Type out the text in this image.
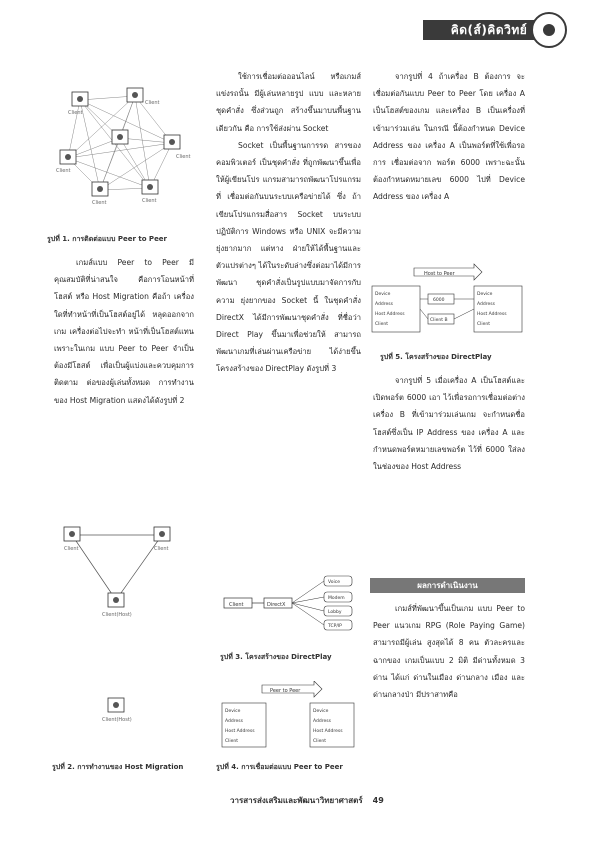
คิด(ส์)คิดวิทย์
Client
Client
Client
Client
Client	Client
รูปที่ 1. การติดต่อแบบ Peer to Peer

เกมส์แบบ Peer to Peer มี คุณสมบัติที่น่าสนใจ คือการโอนหน้าที่ โฮสต์ หรือ Host Migration คือถ้า เครื่องใดที่ทำหน้าที่เป็นโฮสต์อยู่ได้ หลุดออกจากเกม เครื่องต่อไปจะทำ หน้าที่เป็นโฮสต์แทน เพราะในเกม แบบ Peer to Peer จำเป็นต้องมีโฮสต์ เพื่อเป็นผู้แบ่งและควบคุมการติดตาม ต่อของผู้เล่นทั้งหมด การทำงานของ Host Migration แสดงได้ดังรูปที่ 2

Client	Client
Client(Host)
Client(Host)
รูปที่ 2. การทำงานของ Host Migration

ใช้การเชื่อมต่อออนไลน์ หรือเกมส์แข่งรถนั้น มีผู้เล่นหลายรูป แบบ และหลายชุดคำสั่ง ซึ่งส่วนถูก สร้างขึ้นมาบนพื้นฐานเดียวกัน คือ การใช้ส่งผ่าน Socket

Socket เป็นพื้นฐานการรด สารของคอมพิวเตอร์ เป็นชุดคำสั่ง ที่ถูกพัฒนาขึ้นเพื่อให้ผู้เขียนโปร แกรมสามารถพัฒนาโปรแกรมที่ เชื่อมต่อกันบนระบบเครือข่ายได้ ซึ่ง ถ้าเขียนโปรแกรมสื่อสาร Socket บนระบบปฏิบัติการ Windows หรือ UNIX จะมีความยุ่งยากมาก แต่ทาง ฝ่ายให้ได้พื้นฐานและตัวแปรต่างๆ ได้ในระดับล่างซึ่งต่อมาได้มีการพัฒนา ชุดคำสั่งเป็นรูปแบบมาจัดการกับความ ยุ่งยากของ Socket นี้ ในชุดคำสั่ง DirectX ได้มีการพัฒนาชุดคำสั่ง ที่ชื่อว่า Direct Play ขึ้นมาเพื่อช่วยให้ สามารถพัฒนาเกมที่เล่นผ่านเครือข่าย ได้ง่ายขึ้น โครงสร้างของ DirectPlay ดังรูปที่ 3

Client	DirectX
Voice
Modem
Lobby
TCP/IP
รูปที่ 3. โครงสร้างของ DirectPlay
Peer to Peer
Device
Address
Host Address
Client
Device
Address
Host Address
Client
รูปที่ 4. การเชื่อมต่อแบบ Peer to Peer

จากรูปที่ 4 ถ้าเครื่อง B ต้องการ จะเชื่อมต่อกันแบบ Peer to Peer โดย เครื่อง A เป็นโฮสต์ของเกม และเครื่อง B เป็นเครื่องที่เข้ามาร่วมเล่น ในกรณี นี้ต้องกำหนด Device Address ของ เครื่อง A เป็นพอร์ตที่ใช้เพื่อรอการ เชื่อมต่อจาก พอร์ต 6000 เพราะฉะนั้น ต้องกำหนดหมายเลข 6000 ไปที่ Device Address ของ เครื่อง A

Host to Peer
6000
Client B
Device
Address
Host Address
Client
Device
Address
Host Address
Client
รูปที่ 5. โครงสร้างของ DirectPlay

จากรูปที่ 5 เมื่อเครื่อง A เป็นโฮสต์และเปิดพอร์ต 6000 เอา ไว้เพื่อรอการเชื่อมต่อต่างเครื่อง B ที่เข้ามาร่วมเล่นเกม จะกำหนดชื่อ โฮสต์ซึ่งเป็น IP Address ของ เครื่อง A และกำหนดพอร์ตหมายเลขพอร์ต ไว้ที่ 6000 ใส่ลงในช่องของ Host Address

ผลการดำเนินงาน

เกมส์ที่พัฒนาขึ้นเป็นเกม แบบ Peer to Peer แนวเกม RPG (Role Paying Game) สามารถมีผู้เล่น สูงสุดได้ 8 คน ตัวละครและฉากของ เกมเป็นแบบ 2 มิติ มีด่านทั้งหมด 3 ด่าน ได้แก่ ด่านในเมือง ด่านกลาง เมือง และด่านกลางป่า มีปราสาทคือ

วารสารส่งเสริมและพัฒนาวิทยาศาสตร์ 49
